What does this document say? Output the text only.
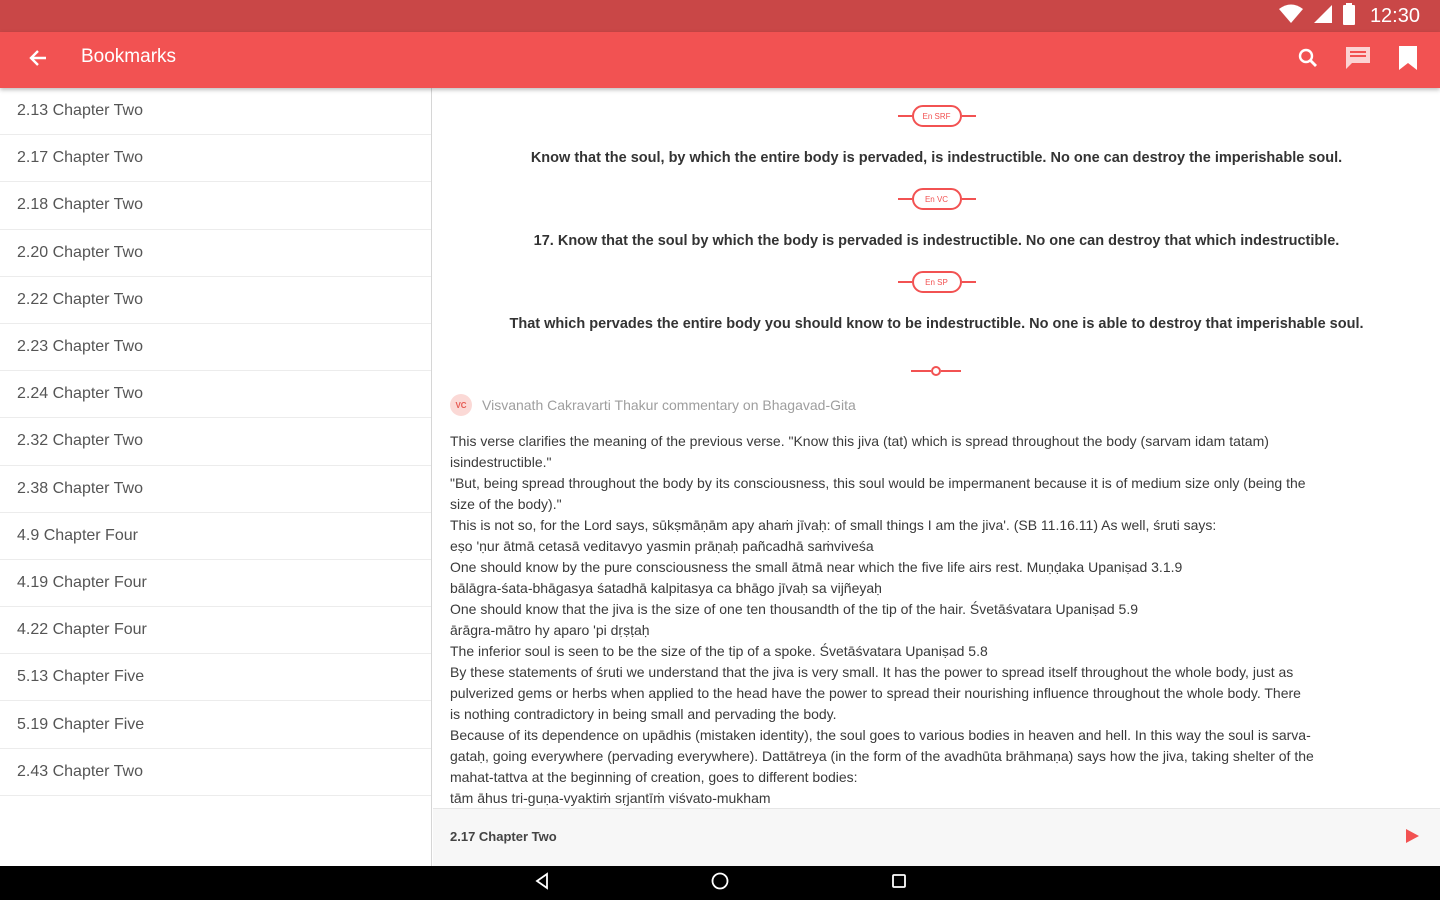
12:30
Bookmarks
2.13 Chapter Two
2.17 Chapter Two
2.18 Chapter Two
2.20 Chapter Two
2.22 Chapter Two
2.23 Chapter Two
2.24 Chapter Two
2.32 Chapter Two
2.38 Chapter Two
4.9 Chapter Four
4.19 Chapter Four
4.22 Chapter Four
5.13 Chapter Five
5.19 Chapter Five
2.43 Chapter Two
En SRF
Know that the soul, by which the entire body is pervaded, is indestructible. No one can destroy the imperishable soul.
En VC
17. Know that the soul by which the body is pervaded is indestructible. No one can destroy that which indestructible.
En SP
That which pervades the entire body you should know to be indestructible. No one is able to destroy that imperishable soul.
VC	Visvanath Cakravarti Thakur commentary on Bhagavad-Gita

This verse clarifies the meaning of the previous verse. "Know this jiva (tat) which is spread throughout the body (sarvam idam tatam)

isindestructible."

"But, being spread throughout the body by its consciousness, this soul would be impermanent because it is of medium size only (being the

size of the body)."

This is not so, for the Lord says, sūkṣmāṇām apy ahaṁ jīvaḥ: of small things I am the jiva'. (SB 11.16.11) As well, śruti says:

eṣo 'ṇur ātmā cetasā veditavyo yasmin prāṇaḥ pañcadhā saṁviveśa

One should know by the pure consciousness the small ātmā near which the five life airs rest. Muṇḍaka Upaniṣad 3.1.9

bālāgra-śata-bhāgasya śatadhā kalpitasya ca bhāgo jīvaḥ sa vijñeyaḥ

One should know that the jiva is the size of one ten thousandth of the tip of the hair. Śvetāśvatara Upaniṣad 5.9

ārāgra-mātro hy aparo 'pi dṛṣṭaḥ

The inferior soul is seen to be the size of the tip of a spoke. Śvetāśvatara Upaniṣad 5.8

By these statements of śruti we understand that the jiva is very small. It has the power to spread itself throughout the whole body, just as

pulverized gems or herbs when applied to the head have the power to spread their nourishing influence throughout the whole body. There

is nothing contradictory in being small and pervading the body.

Because of its dependence on upādhis (mistaken identity), the soul goes to various bodies in heaven and hell. In this way the soul is sarva-

gataḥ, going everywhere (pervading everywhere). Dattātreya (in the form of the avadhūta brāhmaṇa) says how the jiva, taking shelter of the

mahat-tattva at the beginning of creation, goes to different bodies:

tām āhus tri-guṇa-vyaktiṁ sṛjantīṁ viśvato-mukham

2.17 Chapter Two
